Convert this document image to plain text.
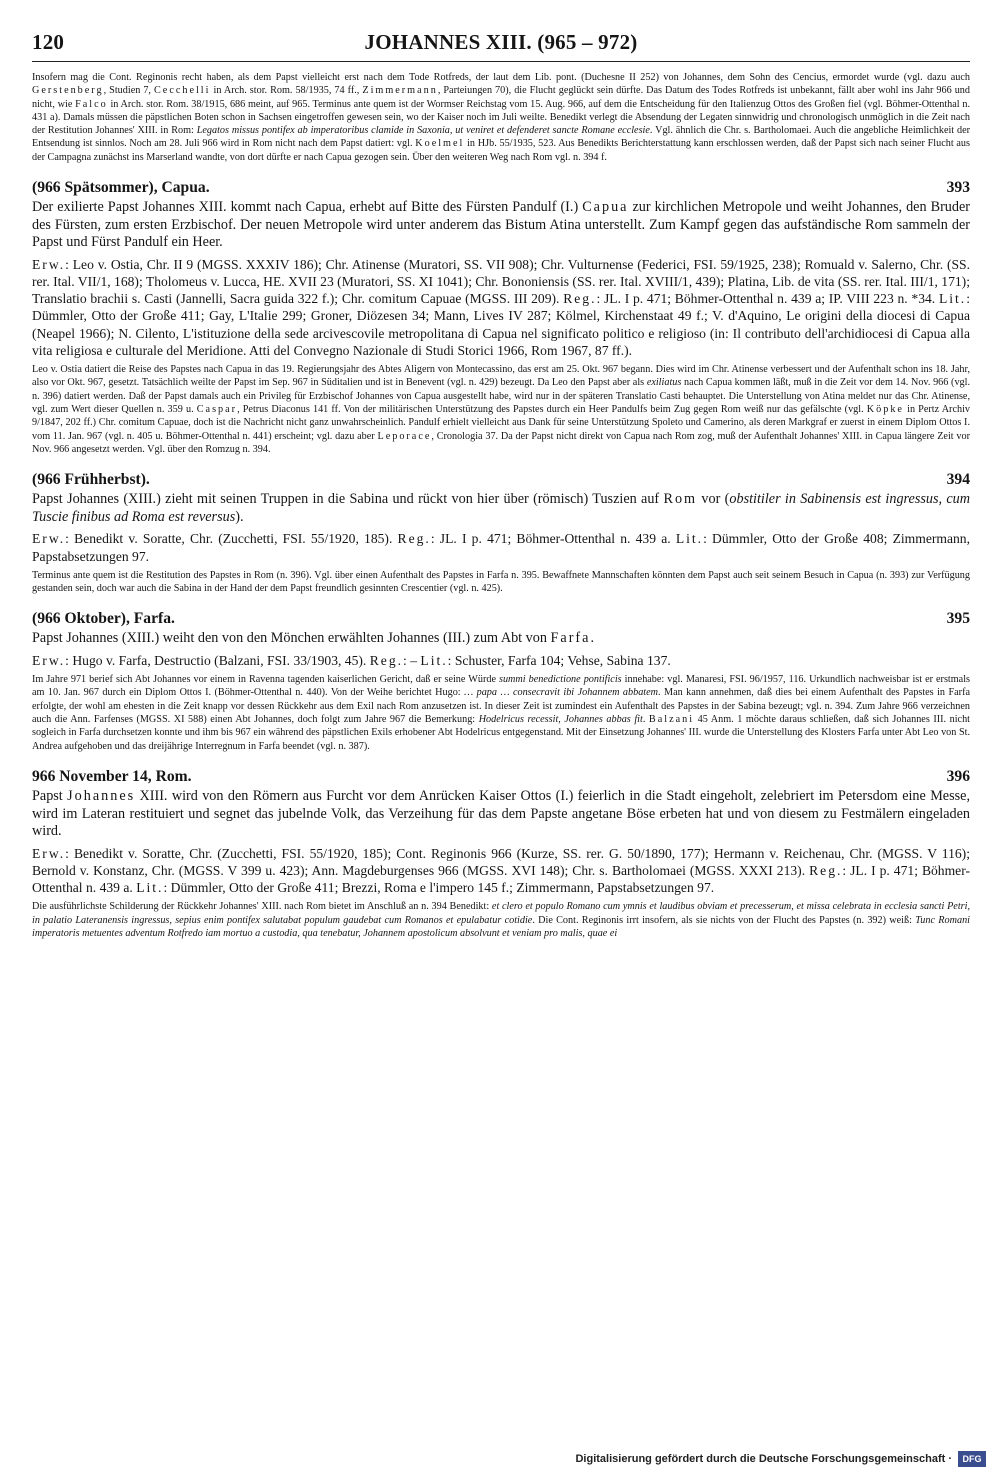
120	JOHANNES XIII. (965 – 972)

Insofern mag die Cont. Reginonis recht haben, als dem Papst vielleicht erst nach dem Tode Rotfreds, der laut dem Lib. pont. (Duchesne II 252) von Johannes, dem Sohn des Cencius, ermordet wurde (vgl. dazu auch Gerstenberg, Studien 7, Cecchelli in Arch. stor. Rom. 58/1935, 74 ff., Zimmermann, Parteiungen 70), die Flucht geglückt sein dürfte. Das Datum des Todes Rotfreds ist unbekannt, fällt aber wohl ins Jahr 966 und nicht, wie Falco in Arch. stor. Rom. 38/1915, 686 meint, auf 965. Terminus ante quem ist der Wormser Reichstag vom 15. Aug. 966, auf dem die Entscheidung für den Italienzug Ottos des Großen fiel (vgl. Böhmer-Ottenthal n. 431 a). Damals müssen die päpstlichen Boten schon in Sachsen eingetroffen gewesen sein, wo der Kaiser noch im Juli weilte. Benedikt verlegt die Absendung der Legaten sinnwidrig und chronologisch unmöglich in die Zeit nach der Restitution Johannes' XIII. in Rom: Legatos missus pontifex ab imperatoribus clamide in Saxonia, ut veniret et defenderet sancte Romane ecclesie. Vgl. ähnlich die Chr. s. Bartholomaei. Auch die angebliche Heimlichkeit der Entsendung ist sinnlos. Noch am 28. Juli 966 wird in Rom nicht nach dem Papst datiert: vgl. Koelmel in HJb. 55/1935, 523. Aus Benedikts Berichterstattung kann erschlossen werden, daß der Papst sich nach seiner Flucht aus der Campagna zunächst ins Marserland wandte, von dort dürfte er nach Capua gezogen sein. Über den weiteren Weg nach Rom vgl. n. 394 f.

(966 Spätsommer), Capua.	393

Der exilierte Papst Johannes XIII. kommt nach Capua, erhebt auf Bitte des Fürsten Pandulf (I.) Capua zur kirchlichen Metropole und weiht Johannes, den Bruder des Fürsten, zum ersten Erzbischof. Der neuen Metropole wird unter anderem das Bistum Atina unterstellt. Zum Kampf gegen das aufständische Rom sammeln der Papst und Fürst Pandulf ein Heer.

Erw.: Leo v. Ostia, Chr. II 9 (MGSS. XXXIV 186); Chr. Atinense (Muratori, SS. VII 908); Chr. Vulturnense (Federici, FSI. 59/1925, 238); Romuald v. Salerno, Chr. (SS. rer. Ital. VII/1, 168); Tholomeus v. Lucca, HE. XVII 23 (Muratori, SS. XI 1041); Chr. Bononiensis (SS. rer. Ital. XVIII/1, 439); Platina, Lib. de vita (SS. rer. Ital. III/1, 171); Translatio brachii s. Casti (Jannelli, Sacra guida 322 f.); Chr. comitum Capuae (MGSS. III 209). Reg.: JL. I p. 471; Böhmer-Ottenthal n. 439 a; IP. VIII 223 n. *34. Lit.: Dümmler, Otto der Große 411; Gay, L'Italie 299; Groner, Diözesen 34; Mann, Lives IV 287; Kölmel, Kirchenstaat 49 f.; V. d'Aquino, Le origini della diocesi di Capua (Neapel 1966); N. Cilento, L'istituzione della sede arcivescovile metropolitana di Capua nel significato politico e religioso (in: Il contributo dell'archidiocesi di Capua alla vita religiosa e culturale del Meridione. Atti del Convegno Nazionale di Studi Storici 1966, Rom 1967, 87 ff.).

Leo v. Ostia datiert die Reise des Papstes nach Capua in das 19. Regierungsjahr des Abtes Aligern von Montecassino, das erst am 25. Okt. 967 begann. Dies wird im Chr. Atinense verbessert und der Aufenthalt schon ins 18. Jahr, also vor Okt. 967, gesetzt. Tatsächlich weilte der Papst im Sep. 967 in Süditalien und ist in Benevent (vgl. n. 429) bezeugt. Da Leo den Papst aber als exiliatus nach Capua kommen läßt, muß in die Zeit vor dem 14. Nov. 966 (vgl. n. 396) datiert werden. Daß der Papst damals auch ein Privileg für Erzbischof Johannes von Capua ausgestellt habe, wird nur in der späteren Translatio Casti behauptet. Die Unterstellung von Atina meldet nur das Chr. Atinense, vgl. zum Wert dieser Quellen n. 359 u. Caspar, Petrus Diaconus 141 ff. Von der militärischen Unterstützung des Papstes durch ein Heer Pandulfs beim Zug gegen Rom weiß nur das gefälschte (vgl. Köpke in Pertz Archiv 9/1847, 202 ff.) Chr. comitum Capuae, doch ist die Nachricht nicht ganz unwahrscheinlich. Pandulf erhielt vielleicht aus Dank für seine Unterstützung Spoleto und Camerino, als deren Markgraf er zuerst in einem Diplom Ottos I. vom 11. Jan. 967 (vgl. n. 405 u. Böhmer-Ottenthal n. 441) erscheint; vgl. dazu aber Leporace, Cronologia 37. Da der Papst nicht direkt von Capua nach Rom zog, muß der Aufenthalt Johannes' XIII. in Capua längere Zeit vor Nov. 966 angesetzt werden. Vgl. über den Romzug n. 394.

(966 Frühherbst).	394

Papst Johannes (XIII.) zieht mit seinen Truppen in die Sabina und rückt von hier über (römisch) Tuszien auf Rom vor (obstitiler in Sabinensis est ingressus, cum Tuscie finibus ad Roma est reversus).

Erw.: Benedikt v. Soratte, Chr. (Zucchetti, FSI. 55/1920, 185). Reg.: JL. I p. 471; Böhmer-Ottenthal n. 439 a. Lit.: Dümmler, Otto der Große 408; Zimmermann, Papstabsetzungen 97.

Terminus ante quem ist die Restitution des Papstes in Rom (n. 396). Vgl. über einen Aufenthalt des Papstes in Farfa n. 395. Bewaffnete Mannschaften könnten dem Papst auch seit seinem Besuch in Capua (n. 393) zur Verfügung gestanden sein, doch war auch die Sabina in der Hand der dem Papst freundlich gesinnten Crescentier (vgl. n. 425).

(966 Oktober), Farfa.	395

Papst Johannes (XIII.) weiht den von den Mönchen erwählten Johannes (III.) zum Abt von Farfa.

Erw.: Hugo v. Farfa, Destructio (Balzani, FSI. 33/1903, 45). Reg.: – Lit.: Schuster, Farfa 104; Vehse, Sabina 137.

Im Jahre 971 berief sich Abt Johannes vor einem in Ravenna tagenden kaiserlichen Gericht, daß er seine Würde summi benedictione pontificis innehabe: vgl. Manaresi, FSI. 96/1957, 116. Urkundlich nachweisbar ist er erstmals am 10. Jan. 967 durch ein Diplom Ottos I. (Böhmer-Ottenthal n. 440). Von der Weihe berichtet Hugo: … papa … consecravit ibi Johannem abbatem. Man kann annehmen, daß dies bei einem Aufenthalt des Papstes in Farfa erfolgte, der wohl am ehesten in die Zeit knapp vor dessen Rückkehr aus dem Exil nach Rom anzusetzen ist. In dieser Zeit ist zumindest ein Aufenthalt des Papstes in der Sabina bezeugt; vgl. n. 394. Zum Jahre 966 verzeichnen auch die Ann. Farfenses (MGSS. XI 588) einen Abt Johannes, doch folgt zum Jahre 967 die Bemerkung: Hodelricus recessit, Johannes abbas fit. Balzani 45 Anm. 1 möchte daraus schließen, daß sich Johannes III. nicht sogleich in Farfa durchsetzen konnte und ihm bis 967 ein während des päpstlichen Exils erhobener Abt Hodelricus entgegenstand. Mit der Einsetzung Johannes' III. wurde die Unterstellung des Klosters Farfa unter Abt Leo von St. Andrea aufgehoben und das dreijährige Interregnum in Farfa beendet (vgl. n. 387).

966 November 14, Rom.	396

Papst Johannes XIII. wird von den Römern aus Furcht vor dem Anrücken Kaiser Ottos (I.) feierlich in die Stadt eingeholt, zelebriert im Petersdom eine Messe, wird im Lateran restituiert und segnet das jubelnde Volk, das Verzeihung für das dem Papste angetane Böse erbeten hat und von diesem zu Festmälern eingeladen wird.

Erw.: Benedikt v. Soratte, Chr. (Zucchetti, FSI. 55/1920, 185); Cont. Reginonis 966 (Kurze, SS. rer. G. 50/1890, 177); Hermann v. Reichenau, Chr. (MGSS. V 116); Bernold v. Konstanz, Chr. (MGSS. V 399 u. 423); Ann. Magdeburgenses 966 (MGSS. XVI 148); Chr. s. Bartholomaei (MGSS. XXXI 213). Reg.: JL. I p. 471; Böhmer-Ottenthal n. 439 a. Lit.: Dümmler, Otto der Große 411; Brezzi, Roma e l'impero 145 f.; Zimmermann, Papstabsetzungen 97.

Die ausführlichste Schilderung der Rückkehr Johannes' XIII. nach Rom bietet im Anschluß an n. 394 Benedikt: et clero et populo Romano cum ymnis et laudibus obviam et precesserum, et missa celebrata in ecclesia sancti Petri, in palatio Lateranensis ingressus, sepius enim pontifex salutabat populum gaudebat cum Romanos et epulabatur cotidie. Die Cont. Reginonis irrt insofern, als sie nichts von der Flucht des Papstes (n. 392) weiß: Tunc Romani imperatoris metuentes adventum Rotfredo iam mortuo a custodia, qua tenebatur, Johannem apostolicum absolvunt et veniam pro malis, quae ei

Digitalisierung gefördert durch die Deutsche Forschungsgemeinschaft ·	DFG
